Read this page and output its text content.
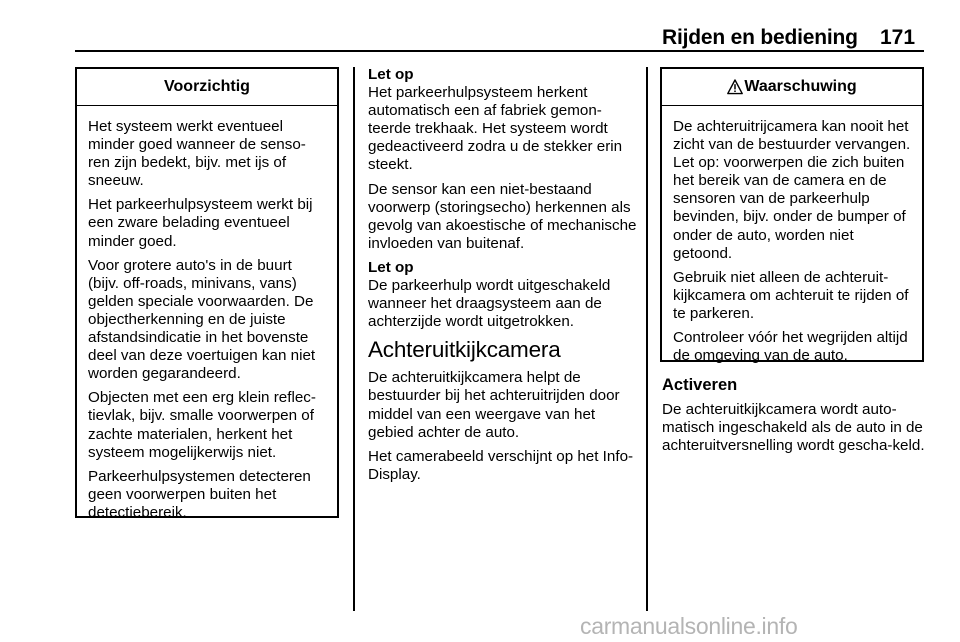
Rijden en bediening 171
Voorzichtig

Het systeem werkt eventueel minder goed wanneer de senso-ren zijn bedekt, bijv. met ijs of sneeuw.

Het parkeerhulpsysteem werkt bij een zware belading eventueel minder goed.

Voor grotere auto's in de buurt (bijv. off-roads, minivans, vans) gelden speciale voorwaarden. De objectherkenning en de juiste afstandsindicatie in het bovenste deel van deze voertuigen kan niet worden gegarandeerd.

Objecten met een erg klein reflec-tievlak, bijv. smalle voorwerpen of zachte materialen, herkent het systeem mogelijkerwijs niet.

Parkeerhulpsystemen detecteren geen voorwerpen buiten het detectiebereik.

Let op

Het parkeerhulpsysteem herkent automatisch een af fabriek gemon-teerde trekhaak. Het systeem wordt gedeactiveerd zodra u de stekker erin steekt.

De sensor kan een niet-bestaand voorwerp (storingsecho) herkennen als gevolg van akoestische of mechanische invloeden van buitenaf.

Let op

De parkeerhulp wordt uitgeschakeld wanneer het draagsysteem aan de achterzijde wordt uitgetrokken.

Achteruitkijkcamera

De achteruitkijkcamera helpt de bestuurder bij het achteruitrijden door middel van een weergave van het gebied achter de auto.

Het camerabeeld verschijnt op het Info-Display.

Waarschuwing

De achteruitrijcamera kan nooit het zicht van de bestuurder vervangen. Let op: voorwerpen die zich buiten het bereik van de camera en de sensoren van de parkeerhulp bevinden, bijv. onder de bumper of onder de auto, worden niet getoond.

Gebruik niet alleen de achteruit-kijkcamera om achteruit te rijden of te parkeren.

Controleer vóór het wegrijden altijd de omgeving van de auto.

Activeren

De achteruitkijkcamera wordt auto-matisch ingeschakeld als de auto in de achteruitversnelling wordt gescha-keld.

carmanualsonline.info
